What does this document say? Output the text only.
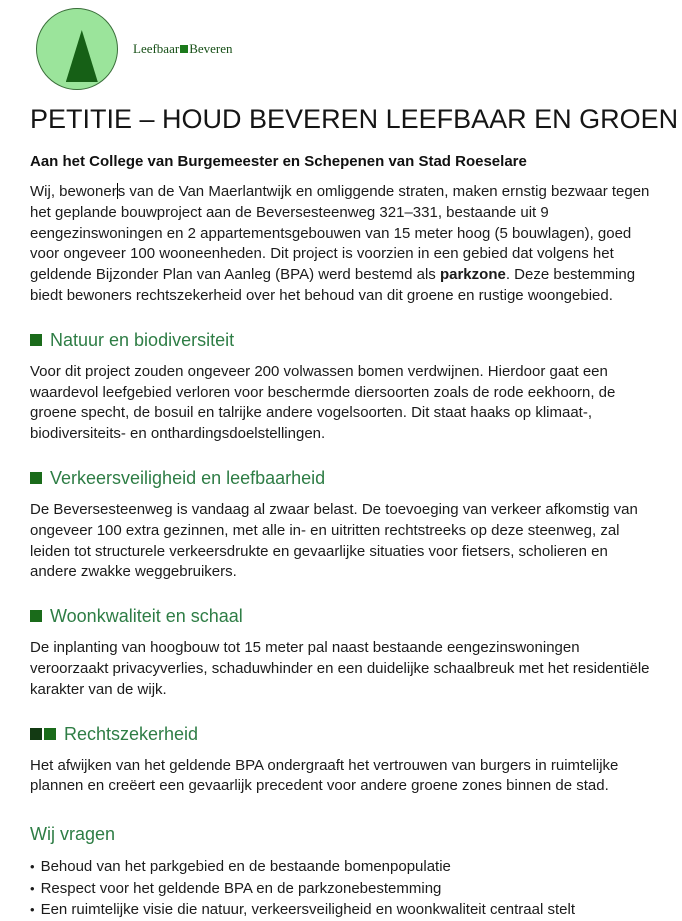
Leefbaar Beveren
PETITIE – HOUD BEVEREN LEEFBAAR EN GROEN
Aan het College van Burgemeester en Schepenen van Stad Roeselare

Wij, bewoners van de Van Maerlantwijk en omliggende straten, maken ernstig bezwaar tegen het geplande bouwproject aan de Beversesteenweg 321–331, bestaande uit 9 eengezinswoningen en 2 appartementsgebouwen van 15 meter hoog (5 bouwlagen), goed voor ongeveer 100 wooneenheden. Dit project is voorzien in een gebied dat volgens het geldende Bijzonder Plan van Aanleg (BPA) werd bestemd als parkzone. Deze bestemming biedt bewoners rechtszekerheid over het behoud van dit groene en rustige woongebied.

Natuur en biodiversiteit

Voor dit project zouden ongeveer 200 volwassen bomen verdwijnen. Hierdoor gaat een waardevol leefgebied verloren voor beschermde diersoorten zoals de rode eekhoorn, de groene specht, de bosuil en talrijke andere vogelsoorten. Dit staat haaks op klimaat-, biodiversiteits- en onthardingsdoelstellingen.

Verkeersveiligheid en leefbaarheid

De Beversesteenweg is vandaag al zwaar belast. De toevoeging van verkeer afkomstig van ongeveer 100 extra gezinnen, met alle in- en uitritten rechtstreeks op deze steenweg, zal leiden tot structurele verkeersdrukte en gevaarlijke situaties voor fietsers, scholieren en andere zwakke weggebruikers.

Woonkwaliteit en schaal

De inplanting van hoogbouw tot 15 meter pal naast bestaande eengezinswoningen veroorzaakt privacyverlies, schaduwhinder en een duidelijke schaalbreuk met het residentiële karakter van de wijk.

Rechtszekerheid

Het afwijken van het geldende BPA ondergraaft het vertrouwen van burgers in ruimtelijke plannen en creëert een gevaarlijk precedent voor andere groene zones binnen de stad.

Wij vragen
• Behoud van het parkgebied en de bestaande bomenpopulatie
• Respect voor het geldende BPA en de parkzonebestemming
• Een ruimtelijke visie die natuur, verkeersveiligheid en woonkwaliteit centraal stelt
